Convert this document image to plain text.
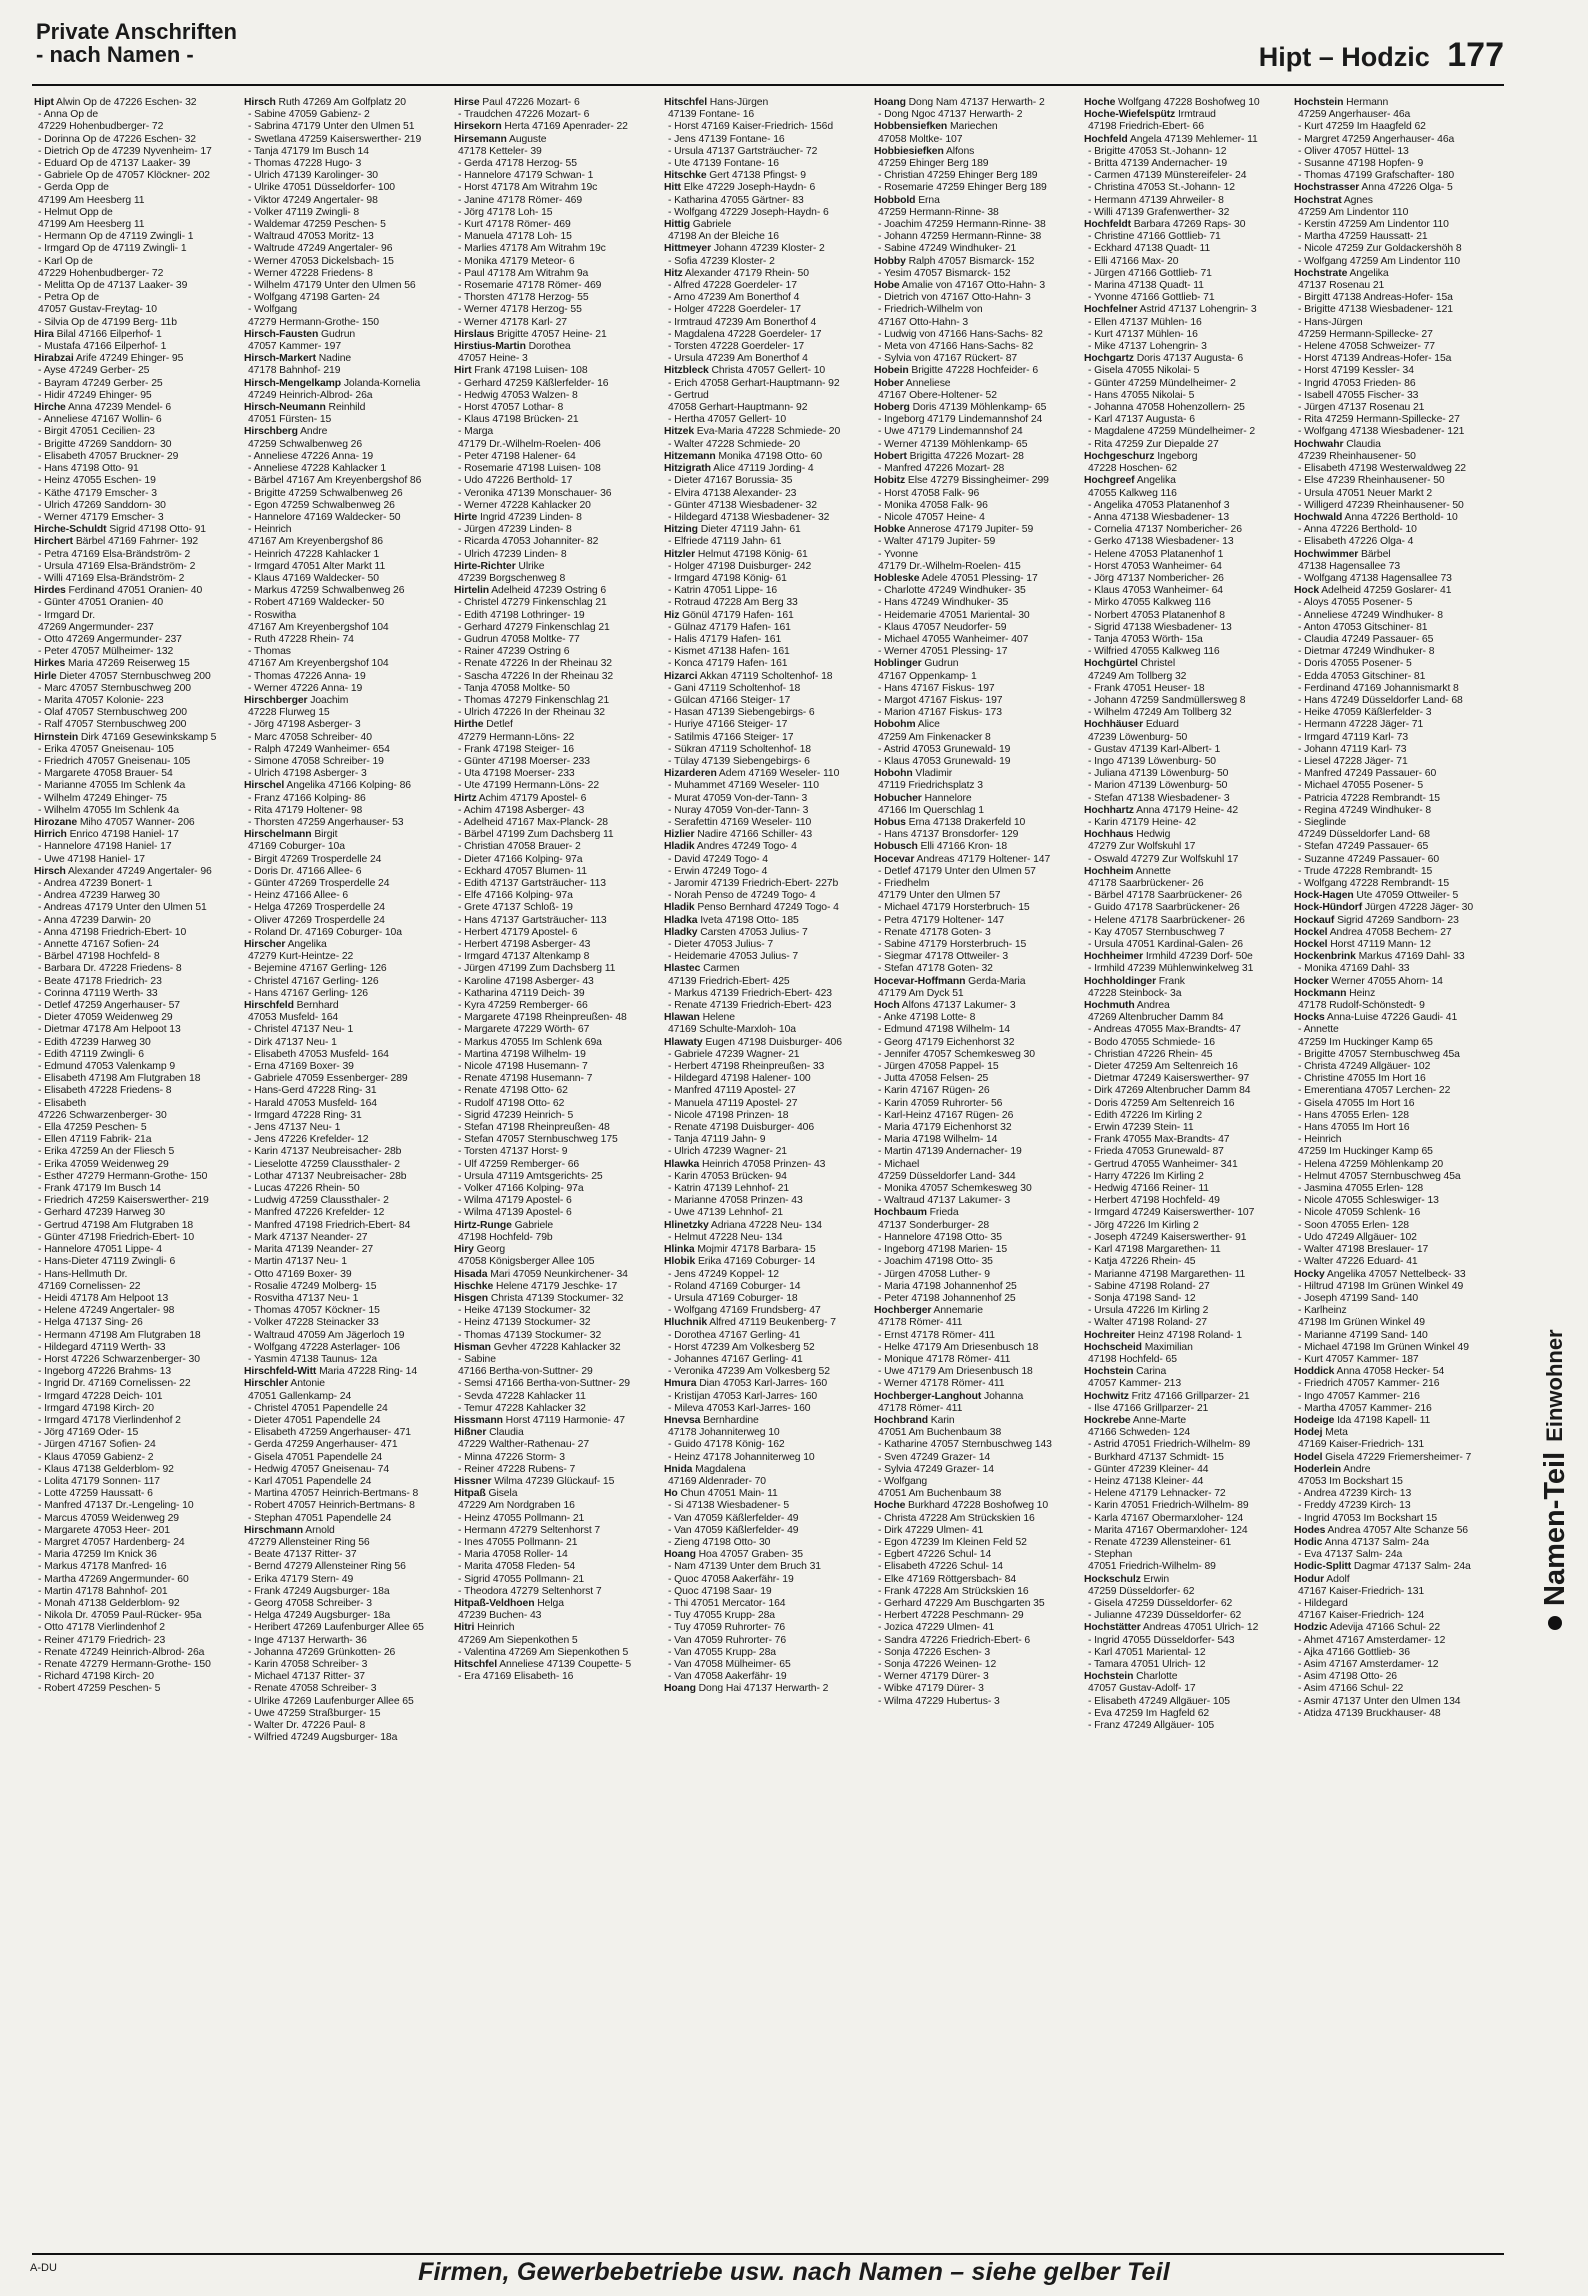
Private Anschriften
- nach Namen -	Hipt – Hodzic 177
Hipt Alwin Op de 47226 Eschen- 32
- Anna Op de
47229 Hohenbudberger- 72
- Dorinna Op de 47226 Eschen- 32
- Dietrich Op de 47239 Nyvenheim- 17
- Eduard Op de 47137 Laaker- 39
- Gabriele Op de 47057 Klöckner- 202
- Gerda Opp de
47199 Am Heesberg 11
- Helmut Opp de
47199 Am Heesberg 11
- Hermann Op de 47119 Zwingli- 1
- Irmgard Op de 47119 Zwingli- 1
- Karl Op de
47229 Hohenbudberger- 72
- Melitta Op de 47137 Laaker- 39
- Petra Op de
47057 Gustav-Freytag- 10
- Silvia Op de 47199 Berg- 11b
Hira Bilal 47166 Eilperhof- 1
- Mustafa 47166 Eilperhof- 1
Hirabzai Arife 47249 Ehinger- 95
- Ayse 47249 Gerber- 25
- Bayram 47249 Gerber- 25
- Hidir 47249 Ehinger- 95
Hirche Anna 47239 Mendel- 6
- Anneliese 47167 Wollin- 6
- Birgit 47051 Cecilien- 23
- Brigitte 47269 Sanddorn- 30
- Elisabeth 47057 Bruckner- 29
- Hans 47198 Otto- 91
- Heinz 47055 Eschen- 19
- Käthe 47179 Emscher- 3
- Ulrich 47269 Sanddorn- 30
- Werner 47179 Emscher- 3
Hirche-Schuldt Sigrid 47198 Otto- 91
Hirchert Bärbel 47169 Fahrner- 192
- Petra 47169 Elsa-Brändström- 2
- Ursula 47169 Elsa-Brändström- 2
- Willi 47169 Elsa-Brändström- 2
Hirdes Ferdinand 47051 Oranien- 40
- Günter 47051 Oranien- 40
- Irmgard Dr.
47269 Angermunder- 237
- Otto 47269 Angermunder- 237
- Peter 47057 Mülheimer- 132
Hirkes Maria 47269 Reiserweg 15
Hirle Dieter 47057 Sternbuschweg 200
- Marc 47057 Sternbuschweg 200
- Marita 47057 Kolonie- 223
- Olaf 47057 Sternbuschweg 200
- Ralf 47057 Sternbuschweg 200
Hirnstein Dirk 47169 Gesewinkskamp 5
- Erika 47057 Gneisenau- 105
- Friedrich 47057 Gneisenau- 105
- Margarete 47058 Brauer- 54
- Marianne 47055 Im Schlenk 4a
- Wilhelm 47249 Ehinger- 75
- Wilhelm 47055 Im Schlenk 4a
Hirozane Miho 47057 Wanner- 206
Hirrich Enrico 47198 Haniel- 17
- Hannelore 47198 Haniel- 17
- Uwe 47198 Haniel- 17
Hirsch Alexander 47249 Angertaler- 96
- Andrea 47239 Bonert- 1
- Andrea 47239 Harweg 30
- Andreas 47179 Unter den Ulmen 51
- Anna 47239 Darwin- 20
- Anna 47198 Friedrich-Ebert- 10
- Annette 47167 Sofien- 24
- Bärbel 47198 Hochfeld- 8
- Barbara Dr. 47228 Friedens- 8
- Beate 47178 Friedrich- 23
- Corinna 47119 Werth- 33
- Detlef 47259 Angerhauser- 57
- Dieter 47059 Weidenweg 29
- Dietmar 47178 Am Helpoot 13
- Edith 47239 Harweg 30
- Edith 47119 Zwingli- 6
- Edmund 47053 Valenkamp 9
- Elisabeth 47198 Am Flutgraben 18
- Elisabeth 47228 Friedens- 8
- Elisabeth
47226 Schwarzenberger- 30
- Ella 47259 Peschen- 5
- Ellen 47119 Fabrik- 21a
- Erika 47259 An der Fliesch 5
- Erika 47059 Weidenweg 29
- Esther 47279 Hermann-Grothe- 150
- Frank 47179 Im Busch 14
- Friedrich 47259 Kaiserswerther- 219
- Gerhard 47239 Harweg 30
- Gertrud 47198 Am Flutgraben 18
- Günter 47198 Friedrich-Ebert- 10
- Hannelore 47051 Lippe- 4
- Hans-Dieter 47119 Zwingli- 6
- Hans-Hellmuth Dr.
47169 Cornelissen- 22
- Heidi 47178 Am Helpoot 13
- Helene 47249 Angertaler- 98
- Helga 47137 Sing- 26
- Hermann 47198 Am Flutgraben 18
- Hildegard 47119 Werth- 33
- Horst 47226 Schwarzenberger- 30
- Ingeborg 47226 Brahms- 13
- Ingrid Dr. 47169 Cornelissen- 22
- Irmgard 47228 Deich- 101
- Irmgard 47198 Kirch- 20
- Irmgard 47178 Vierlindenhof 2
- Jörg 47169 Oder- 15
- Jürgen 47167 Sofien- 24
- Klaus 47059 Gabienz- 2
- Klaus 47138 Gelderblom- 92
- Lolita 47179 Sonnen- 117
- Lotte 47259 Haussatt- 6
- Manfred 47137 Dr.-Lengeling- 10
- Marcus 47059 Weidenweg 29
- Margarete 47053 Heer- 201
- Margret 47057 Hardenberg- 24
- Maria 47259 Im Knick 36
- Markus 47178 Manfred- 16
- Martha 47269 Angermunder- 60
- Martin 47178 Bahnhof- 201
- Monah 47138 Gelderblom- 92
- Nikola Dr. 47059 Paul-Rücker- 95a
- Otto 47178 Vierlindenhof 2
- Reiner 47179 Friedrich- 23
- Renate 47249 Heinrich-Albrod- 26a
- Renate 47279 Hermann-Grothe- 150
- Richard 47198 Kirch- 20
- Robert 47259 Peschen- 5
Hirsch Ruth 47269 Am Golfplatz 20
- Sabine 47059 Gabienz- 2
- Sabrina 47179 Unter den Ulmen 51
- Swetlana 47259 Kaiserswerther- 219
- Tanja 47179 Im Busch 14
- Thomas 47228 Hugo- 3
- Ulrich 47139 Karolinger- 30
- Ulrike 47051 Düsseldorfer- 100
- Viktor 47249 Angertaler- 98
- Volker 47119 Zwingli- 8
- Waldemar 47259 Peschen- 5
- Waltraud 47053 Moritz- 13
- Waltrude 47249 Angertaler- 96
- Werner 47053 Dickelsbach- 15
- Werner 47228 Friedens- 8
- Wilhelm 47179 Unter den Ulmen 56
- Wolfgang 47198 Garten- 24
- Wolfgang
47279 Hermann-Grothe- 150
Hirsch-Fausten Gudrun
47057 Kammer- 197
Hirsch-Markert Nadine
47178 Bahnhof- 219
Hirsch-Mengelkamp Jolanda-Kornelia
47249 Heinrich-Albrod- 26a
Hirsch-Neumann Reinhild
47051 Fürsten- 15
Hirschberg Andre
47259 Schwalbenweg 26
- Anneliese 47226 Anna- 19
- Anneliese 47228 Kahlacker 1
- Bärbel 47167 Am Kreyenbergshof 86
- Brigitte 47259 Schwalbenweg 26
- Egon 47259 Schwalbenweg 26
- Hannelore 47169 Waldecker- 50
- Heinrich
47167 Am Kreyenbergshof 86
- Heinrich 47228 Kahlacker 1
- Irmgard 47051 Alter Markt 11
- Klaus 47169 Waldecker- 50
- Markus 47259 Schwalbenweg 26
- Robert 47169 Waldecker- 50
- Roswitha
47167 Am Kreyenbergshof 104
- Ruth 47228 Rhein- 74
- Thomas
47167 Am Kreyenbergshof 104
- Thomas 47226 Anna- 19
- Werner 47226 Anna- 19
Hirschberger Joachim
47228 Flurweg 15
- Jörg 47198 Asberger- 3
- Marc 47058 Schreiber- 40
- Ralph 47249 Wanheimer- 654
- Simone 47058 Schreiber- 19
- Ulrich 47198 Asberger- 3
Hirschel Angelika 47166 Kolping- 86
- Franz 47166 Kolping- 86
- Rita 47179 Holtener- 98
- Thorsten 47259 Angerhauser- 53
Hirschelmann Birgit
47169 Coburger- 10a
- Birgit 47269 Trosperdelle 24
- Doris Dr. 47166 Allee- 6
- Günter 47269 Trosperdelle 24
- Heinz 47166 Allee- 6
- Helga 47269 Trosperdelle 24
- Oliver 47269 Trosperdelle 24
- Roland Dr. 47169 Coburger- 10a
Hirscher Angelika
47279 Kurt-Heintze- 22
- Bejemine 47167 Gerling- 126
- Christel 47167 Gerling- 126
- Hans 47167 Gerling- 126
Hirschfeld Bernhard
47053 Musfeld- 164
- Christel 47137 Neu- 1
- Dirk 47137 Neu- 1
- Elisabeth 47053 Musfeld- 164
- Erna 47169 Boxer- 39
- Gabriele 47059 Essenberger- 289
- Hans-Gerd 47228 Ring- 31
- Harald 47053 Musfeld- 164
- Irmgard 47228 Ring- 31
- Jens 47137 Neu- 1
- Jens 47226 Krefelder- 12
- Karin 47137 Neubreisacher- 28b
- Lieselotte 47259 Claussthaler- 2
- Lothar 47137 Neubreisacher- 28b
- Lucas 47226 Rhein- 50
- Ludwig 47259 Claussthaler- 2
- Manfred 47226 Krefelder- 12
- Manfred 47198 Friedrich-Ebert- 84
- Mark 47137 Neander- 27
- Marita 47139 Neander- 27
- Martin 47137 Neu- 1
- Otto 47169 Boxer- 39
- Rosalie 47249 Molberg- 15
- Rosvitha 47137 Neu- 1
- Thomas 47057 Köckner- 15
- Volker 47228 Steinacker 33
- Waltraud 47059 Am Jägerloch 19
- Wolfgang 47228 Asterlager- 106
- Yasmin 47138 Taunus- 12a
Hirschfeld-Witt Maria 47228 Ring- 14
Hirschler Antonie
47051 Gallenkamp- 24
- Christel 47051 Papendelle 24
- Dieter 47051 Papendelle 24
- Elisabeth 47259 Angerhauser- 471
- Gerda 47259 Angerhauser- 471
- Gisela 47051 Papendelle 24
- Hedwig 47057 Gneisenau- 74
- Karl 47051 Papendelle 24
- Martina 47057 Heinrich-Bertmans- 8
- Robert 47057 Heinrich-Bertmans- 8
- Stephan 47051 Papendelle 24
Hirschmann Arnold
47279 Allensteiner Ring 56
- Beate 47137 Ritter- 37
- Bernd 47279 Allensteiner Ring 56
- Erika 47179 Stern- 49
- Frank 47249 Augsburger- 18a
- Georg 47058 Schreiber- 3
- Helga 47249 Augsburger- 18a
- Heribert 47269 Laufenburger Allee 65
- Inge 47137 Herwarth- 36
- Johanna 47269 Grünkotten- 26
- Karin 47058 Schreiber- 3
- Michael 47137 Ritter- 37
- Renate 47058 Schreiber- 3
- Ulrike 47269 Laufenburger Allee 65
- Uwe 47259 Straßburger- 15
- Walter Dr. 47226 Paul- 8
- Wilfried 47249 Augsburger- 18a
Hirse Paul 47226 Mozart- 6
- Traudchen 47226 Mozart- 6
Hirsekorn Herta 47169 Apenrader- 22
Hirsemann Auguste
47178 Ketteler- 39
- Gerda 47178 Herzog- 55
- Hannelore 47179 Schwan- 1
- Horst 47178 Am Witrahm 19c
- Janine 47178 Römer- 469
- Jörg 47178 Loh- 15
- Kurt 47178 Römer- 469
- Manuela 47178 Loh- 15
- Marlies 47178 Am Witrahm 19c
- Monika 47179 Meteor- 6
- Paul 47178 Am Witrahm 9a
- Rosemarie 47178 Römer- 469
- Thorsten 47178 Herzog- 55
- Werner 47178 Herzog- 55
- Werner 47178 Karl- 27
Hirslaus Brigitte 47057 Heine- 21
Hirstius-Martin Dorothea
47057 Heine- 3
Hirt Frank 47198 Luisen- 108
- Gerhard 47259 Käßlerfelder- 16
- Hedwig 47053 Walzen- 8
- Horst 47057 Lothar- 8
- Klaus 47198 Brücken- 21
- Marga
47179 Dr.-Wilhelm-Roelen- 406
- Peter 47198 Halener- 64
- Rosemarie 47198 Luisen- 108
- Udo 47226 Berthold- 17
- Veronika 47139 Monschauer- 36
- Werner 47228 Kahlacker 20
Hirte Ingrid 47239 Linden- 8
- Jürgen 47239 Linden- 8
- Ricarda 47053 Johanniter- 82
- Ulrich 47239 Linden- 8
Hirte-Richter Ulrike
47239 Borgschenweg 8
Hirtelin Adelheid 47239 Ostring 6
- Christel 47279 Finkenschlag 21
- Edith 47198 Lothringer- 19
- Gerhard 47279 Finkenschlag 21
- Gudrun 47058 Moltke- 77
- Rainer 47239 Ostring 6
- Renate 47226 In der Rheinau 32
- Sascha 47226 In der Rheinau 32
- Tanja 47058 Moltke- 50
- Thomas 47279 Finkenschlag 21
- Ulrich 47226 In der Rheinau 32
Hirthe Detlef
47279 Hermann-Löns- 22
- Frank 47198 Steiger- 16
- Günter 47198 Moerser- 233
- Uta 47198 Moerser- 233
- Ute 47199 Hermann-Löns- 22
Hirtz Achim 47179 Apostel- 6
- Achim 47198 Asberger- 43
- Adelheid 47167 Max-Planck- 28
- Bärbel 47199 Zum Dachsberg 11
- Christian 47058 Brauer- 2
- Dieter 47166 Kolping- 97a
- Eckhard 47057 Blumen- 11
- Edith 47137 Gartsträucher- 113
- Elfe 47166 Kolping- 97a
- Grete 47137 Schloß- 19
- Hans 47137 Gartsträucher- 113
- Herbert 47179 Apostel- 6
- Herbert 47198 Asberger- 43
- Irmgard 47137 Altenkamp 8
- Jürgen 47199 Zum Dachsberg 11
- Karoline 47198 Asberger- 43
- Katharina 47119 Deich- 39
- Kyra 47259 Remberger- 66
- Margarete 47198 Rheinpreußen- 48
- Margarete 47229 Wörth- 67
- Markus 47055 Im Schlenk 69a
- Martina 47198 Wilhelm- 19
- Nicole 47198 Husemann- 7
- Renate 47198 Husemann- 7
- Renate 47198 Otto- 62
- Rudolf 47198 Otto- 62
- Sigrid 47239 Heinrich- 5
- Stefan 47198 Rheinpreußen- 48
- Stefan 47057 Sternbuschweg 175
- Torsten 47137 Horst- 9
- Ulf 47259 Remberger- 66
- Ursula 47119 Amtsgerichts- 25
- Volker 47166 Kolping- 97a
- Wilma 47179 Apostel- 6
- Wilma 47139 Apostel- 6
Hirtz-Runge Gabriele
47198 Hochfeld- 79b
Hiry Georg
47058 Königsberger Allee 105
Hisada Mari 47059 Neunkirchener- 34
Hischke Helene 47179 Jeschke- 17
Hisgen Christa 47139 Stockumer- 32
- Heike 47139 Stockumer- 32
- Heinz 47139 Stockumer- 32
- Thomas 47139 Stockumer- 32
Hisman Gevher 47228 Kahlacker 32
- Sabine
47166 Bertha-von-Suttner- 29
- Semsi 47166 Bertha-von-Suttner- 29
- Sevda 47228 Kahlacker 11
- Temur 47228 Kahlacker 32
Hissmann Horst 47119 Harmonie- 47
Hißner Claudia
47229 Walther-Rathenau- 27
- Minna 47226 Storm- 3
- Reiner 47228 Rubens- 7
Hissner Wilma 47239 Glückauf- 15
Hitpaß Gisela
47229 Am Nordgraben 16
- Heinz 47055 Pollmann- 21
- Hermann 47279 Seltenhorst 7
- Ines 47055 Pollmann- 21
- Maria 47058 Roller- 14
- Marita 47058 Fleden- 54
- Sigrid 47055 Pollmann- 21
- Theodora 47279 Seltenhorst 7
Hitpaß-Veldhoen Helga
47239 Buchen- 43
Hitri Heinrich
47269 Am Siepenkothen 5
- Valentina 47269 Am Siepenkothen 5
Hitschfel Anneliese 47139 Coupette- 5
- Era 47169 Elisabeth- 16
Hitschfel Hans-Jürgen
47139 Fontane- 16
- Horst 47169 Kaiser-Friedrich- 156d
- Jens 47139 Fontane- 16
- Ursula 47137 Gartsträucher- 72
- Ute 47139 Fontane- 16
Hitschke Gert 47138 Pfingst- 9
Hitt Elke 47229 Joseph-Haydn- 6
- Katharina 47055 Gärtner- 83
- Wolfgang 47229 Joseph-Haydn- 6
Hittig Gabriele
47198 An der Bleiche 16
Hittmeyer Johann 47239 Kloster- 2
- Sofia 47239 Kloster- 2
Hitz Alexander 47179 Rhein- 50
- Alfred 47228 Goerdeler- 17
- Arno 47239 Am Bonerthof 4
- Holger 47228 Goerdeler- 17
- Irmtraud 47239 Am Bonerthof 4
- Magdalena 47228 Goerdeler- 17
- Torsten 47228 Goerdeler- 17
- Ursula 47239 Am Bonerthof 4
Hitzbleck Christa 47057 Gellert- 10
- Erich 47058 Gerhart-Hauptmann- 92
- Gertrud
47058 Gerhart-Hauptmann- 92
- Hertha 47057 Gellert- 10
Hitzek Eva-Maria 47228 Schmiede- 20
- Walter 47228 Schmiede- 20
Hitzemann Monika 47198 Otto- 60
Hitzigrath Alice 47119 Jording- 4
- Dieter 47167 Borussia- 35
- Elvira 47138 Alexander- 23
- Günter 47138 Wiesbadener- 32
- Hildegard 47138 Wiesbadener- 32
Hitzing Dieter 47119 Jahn- 61
- Elfriede 47119 Jahn- 61
Hitzler Helmut 47198 König- 61
- Holger 47198 Duisburger- 242
- Irmgard 47198 König- 61
- Katrin 47051 Lippe- 16
- Rotraud 47228 Am Berg 33
Hiz Gönül 47179 Hafen- 161
- Gülnaz 47179 Hafen- 161
- Halis 47179 Hafen- 161
- Kismet 47138 Hafen- 161
- Konca 47179 Hafen- 161
Hizarci Akkan 47119 Scholtenhof- 18
- Gani 47119 Scholtenhof- 18
- Gülcan 47166 Steiger- 17
- Hasan 47139 Siebengebirgs- 6
- Huriye 47166 Steiger- 17
- Satilmis 47166 Steiger- 17
- Sükran 47119 Scholtenhof- 18
- Tülay 47139 Siebengebirgs- 6
Hizarderen Adem 47169 Weseler- 110
- Muhammet 47169 Weseler- 110
- Murat 47059 Von-der-Tann- 3
- Nuray 47059 Von-der-Tann- 3
- Serafettin 47169 Weseler- 110
Hizlier Nadire 47166 Schiller- 43
Hladik Andres 47249 Togo- 4
- David 47249 Togo- 4
- Erwin 47249 Togo- 4
- Jaromir 47139 Friedrich-Ebert- 227b
- Norah Penso de 47249 Togo- 4
Hladik Penso Bernhard 47249 Togo- 4
Hladka Iveta 47198 Otto- 185
Hladky Carsten 47053 Julius- 7
- Dieter 47053 Julius- 7
- Heidemarie 47053 Julius- 7
Hlastec Carmen
47139 Friedrich-Ebert- 425
- Markus 47139 Friedrich-Ebert- 423
- Renate 47139 Friedrich-Ebert- 423
Hlawan Helene
47169 Schulte-Marxloh- 10a
Hlawaty Eugen 47198 Duisburger- 406
- Gabriele 47239 Wagner- 21
- Herbert 47198 Rheinpreußen- 33
- Hildegard 47198 Halener- 100
- Manfred 47119 Apostel- 27
- Manuela 47119 Apostel- 27
- Nicole 47198 Prinzen- 18
- Renate 47198 Duisburger- 406
- Tanja 47119 Jahn- 9
- Ulrich 47239 Wagner- 21
Hlawka Heinrich 47058 Prinzen- 43
- Karin 47053 Brücken- 94
- Katrin 47139 Lehnhof- 21
- Marianne 47058 Prinzen- 43
- Uwe 47139 Lehnhof- 21
Hlinetzky Adriana 47228 Neu- 134
- Helmut 47228 Neu- 134
Hlinka Mojmir 47178 Barbara- 15
Hlobik Erika 47169 Coburger- 14
- Jens 47249 Koppel- 12
- Roland 47169 Coburger- 14
- Ursula 47169 Coburger- 18
- Wolfgang 47169 Frundsberg- 47
Hluchnik Alfred 47119 Beukenberg- 7
- Dorothea 47167 Gerling- 41
- Horst 47239 Am Volkesberg 52
- Johannes 47167 Gerling- 41
- Veronika 47239 Am Volkesberg 52
Hmura Dian 47053 Karl-Jarres- 160
- Kristijan 47053 Karl-Jarres- 160
- Mileva 47053 Karl-Jarres- 160
Hnevsa Bernhardine
47178 Johanniterweg 10
- Guido 47178 König- 162
- Heinz 47178 Johanniterweg 10
Hnida Magdalena
47169 Aldenrader- 70
Ho Chun 47051 Main- 11
- Si 47138 Wiesbadener- 5
- Van 47059 Käßlerfelder- 49
- Van 47059 Käßlerfelder- 49
- Zieng 47198 Otto- 30
Hoang Hoa 47057 Graben- 35
- Nam 47139 Unter dem Bruch 31
- Quoc 47058 Aakerfähr- 19
- Quoc 47198 Saar- 19
- Thi 47051 Mercator- 164
- Tuy 47055 Krupp- 28a
- Tuy 47059 Ruhrorter- 76
- Van 47059 Ruhrorter- 76
- Van 47055 Krupp- 28a
- Van 47058 Mülheimer- 65
- Van 47058 Aakerfähr- 19
Hoang Dong Hai 47137 Herwarth- 2
Hoang Dong Nam 47137 Herwarth- 2
- Dong Ngoc 47137 Herwarth- 2
Hobbensiefken Mariechen
47058 Moltke- 107
Hobbiesiefken Alfons
47259 Ehinger Berg 189
- Christian 47259 Ehinger Berg 189
- Rosemarie 47259 Ehinger Berg 189
Hobbold Erna
47259 Hermann-Rinne- 38
- Joachim 47259 Hermann-Rinne- 38
- Johann 47259 Hermann-Rinne- 38
- Sabine 47249 Windhuker- 21
Hobby Ralph 47057 Bismarck- 152
- Yesim 47057 Bismarck- 152
Hobe Amalie von 47167 Otto-Hahn- 3
- Dietrich von 47167 Otto-Hahn- 3
- Friedrich-Wilhelm von
47167 Otto-Hahn- 3
- Ludwig von 47166 Hans-Sachs- 82
- Meta von 47166 Hans-Sachs- 82
- Sylvia von 47167 Rückert- 87
Hobein Brigitte 47228 Hochfeider- 6
Hober Anneliese
47167 Obere-Holtener- 52
Hoberg Doris 47139 Möhlenkamp- 65
- Ingeborg 47179 Lindemannshof 24
- Uwe 47179 Lindemannshof 24
- Werner 47139 Möhlenkamp- 65
Hobert Brigitta 47226 Mozart- 28
- Manfred 47226 Mozart- 28
Hobitz Else 47279 Bissingheimer- 299
- Horst 47058 Falk- 96
- Monika 47058 Falk- 96
- Nicole 47057 Heine- 4
Hobke Annerose 47179 Jupiter- 59
- Walter 47179 Jupiter- 59
- Yvonne
47179 Dr.-Wilhelm-Roelen- 415
Hobleske Adele 47051 Plessing- 17
- Charlotte 47249 Windhuker- 35
- Hans 47249 Windhuker- 35
- Heidemarie 47051 Mariental- 30
- Klaus 47057 Neudorfer- 59
- Michael 47055 Wanheimer- 407
- Werner 47051 Plessing- 17
Hoblinger Gudrun
47167 Oppenkamp- 1
- Hans 47167 Fiskus- 197
- Margot 47167 Fiskus- 197
- Marion 47167 Fiskus- 173
Hobohm Alice
47259 Am Finkenacker 8
- Astrid 47053 Grunewald- 19
- Klaus 47053 Grunewald- 19
Hobohn Vladimir
47119 Friedrichsplatz 3
Hobucher Hannelore
47166 Im Querschlag 1
Hobus Erna 47138 Drakerfeld 10
- Hans 47137 Bronsdorfer- 129
Hobusch Elli 47166 Kron- 18
Hocevar Andreas 47179 Holtener- 147
- Detlef 47179 Unter den Ulmen 57
- Friedhelm
47179 Unter den Ulmen 57
- Michael 47179 Horsterbruch- 15
- Petra 47179 Holtener- 147
- Renate 47178 Goten- 3
- Sabine 47179 Horsterbruch- 15
- Siegmar 47178 Ottweiler- 3
- Stefan 47178 Goten- 32
Hocevar-Hoffmann Gerda-Maria
47179 Am Dyck 51
Hoch Alfons 47137 Lakumer- 3
- Anke 47198 Lotte- 8
- Edmund 47198 Wilhelm- 14
- Georg 47179 Eichenhorst 32
- Jennifer 47057 Schemkesweg 30
- Jürgen 47058 Pappel- 15
- Jutta 47058 Felsen- 25
- Karin 47167 Rügen- 26
- Karin 47059 Ruhrorter- 56
- Karl-Heinz 47167 Rügen- 26
- Maria 47179 Eichenhorst 32
- Maria 47198 Wilhelm- 14
- Martin 47139 Andernacher- 19
- Michael
47259 Düsseldorfer Land- 344
- Monika 47057 Schemkesweg 30
- Waltraud 47137 Lakumer- 3
Hochbaum Frieda
47137 Sonderburger- 28
- Hannelore 47198 Otto- 35
- Ingeborg 47198 Marien- 15
- Joachim 47198 Otto- 35
- Jürgen 47058 Luther- 9
- Maria 47198 Johannenhof 25
- Peter 47198 Johannenhof 25
Hochberger Annemarie
47178 Römer- 411
- Ernst 47178 Römer- 411
- Helke 47179 Am Driesenbusch 18
- Monique 47178 Römer- 411
- Uwe 47179 Am Driesenbusch 18
- Werner 47178 Römer- 411
Hochberger-Langhout Johanna
47178 Römer- 411
Hochbrand Karin
47051 Am Buchenbaum 38
- Katharine 47057 Sternbuschweg 143
- Sven 47249 Grazer- 14
- Sylvia 47249 Grazer- 14
- Wolfgang
47051 Am Buchenbaum 38
Hoche Burkhard 47228 Boshofweg 10
- Christa 47228 Am Strückskien 16
- Dirk 47229 Ulmen- 41
- Egon 47239 Im Kleinen Feld 52
- Egbert 47226 Schul- 14
- Elisabeth 47226 Schul- 14
- Elke 47169 Röttgersbach- 84
- Frank 47228 Am Strückskien 16
- Gerhard 47229 Am Buschgarten 35
- Herbert 47228 Peschmann- 29
- Jozica 47229 Ulmen- 41
- Sandra 47226 Friedrich-Ebert- 6
- Sonja 47226 Eschen- 3
- Sonja 47226 Weinen- 12
- Werner 47179 Dürer- 3
- Wibke 47179 Dürer- 3
- Wilma 47229 Hubertus- 3
Hoche Wolfgang 47228 Boshofweg 10
Hoche-Wiefelspütz Irmtraud
47198 Friedrich-Ebert- 66
Hochfeld Angela 47139 Mehlemer- 11
- Brigitte 47053 St.-Johann- 12
- Britta 47139 Andernacher- 19
- Carmen 47139 Münstereifeler- 24
- Christina 47053 St.-Johann- 12
- Hermann 47139 Ahrweiler- 8
- Willi 47139 Grafenwerther- 32
Hochfeldt Barbara 47269 Raps- 30
- Christine 47166 Gottlieb- 71
- Eckhard 47138 Quadt- 11
- Elli 47166 Max- 20
- Jürgen 47166 Gottlieb- 71
- Marina 47138 Quadt- 11
- Yvonne 47166 Gottlieb- 71
Hochfelner Astrid 47137 Lohengrin- 3
- Ellen 47137 Mühlen- 16
- Kurt 47137 Mühlen- 16
- Mike 47137 Lohengrin- 3
Hochgartz Doris 47137 Augusta- 6
- Gisela 47055 Nikolai- 5
- Günter 47259 Mündelheimer- 2
- Hans 47055 Nikolai- 5
- Johanna 47058 Hohenzollern- 25
- Karl 47137 Augusta- 6
- Magdalene 47259 Mündelheimer- 2
- Rita 47259 Zur Diepalde 27
Hochgeschurz Ingeborg
47228 Hoschen- 62
Hochgreef Angelika
47055 Kalkweg 116
- Angelika 47053 Platanenhof 3
- Anna 47138 Wiesbadener- 13
- Cornelia 47137 Nombericher- 26
- Gerko 47138 Wiesbadener- 13
- Helene 47053 Platanenhof 1
- Horst 47053 Wanheimer- 64
- Jörg 47137 Nombericher- 26
- Klaus 47053 Wanheimer- 64
- Mirko 47055 Kalkweg 116
- Norbert 47053 Platanenhof 8
- Sigrid 47138 Wiesbadener- 13
- Tanja 47053 Wörth- 15a
- Wilfried 47055 Kalkweg 116
Hochgürtel Christel
47249 Am Tollberg 32
- Frank 47051 Heuser- 18
- Johann 47259 Sandmüllersweg 8
- Wilhelm 47249 Am Tollberg 32
Hochhäuser Eduard
47239 Löwenburg- 50
- Gustav 47139 Karl-Albert- 1
- Ingo 47139 Löwenburg- 50
- Juliana 47139 Löwenburg- 50
- Marion 47139 Löwenburg- 50
- Stefan 47138 Wiesbadener- 3
Hochhartz Anna 47179 Heine- 42
- Karin 47179 Heine- 42
Hochhaus Hedwig
47279 Zur Wolfskuhl 17
- Oswald 47279 Zur Wolfskuhl 17
Hochheim Annette
47178 Saarbrückener- 26
- Bärbel 47178 Saarbrückener- 26
- Guido 47178 Saarbrückener- 26
- Helene 47178 Saarbrückener- 26
- Kay 47057 Sternbuschweg 7
- Ursula 47051 Kardinal-Galen- 26
Hochheimer Irmhild 47239 Dorf- 50e
- Irmhild 47239 Mühlenwinkelweg 31
Hochholdinger Frank
47228 Steinbock- 3a
Hochmuth Andrea
47269 Altenbrucher Damm 84
- Andreas 47055 Max-Brandts- 47
- Bodo 47055 Schmiede- 16
- Christian 47226 Rhein- 45
- Dieter 47259 Am Seltenreich 16
- Dietmar 47249 Kaiserswerther- 97
- Dirk 47269 Altenbrucher Damm 84
- Doris 47259 Am Seltenreich 16
- Edith 47226 Im Kirling 2
- Erwin 47239 Stein- 11
- Frank 47055 Max-Brandts- 47
- Frieda 47053 Grunewald- 87
- Gertrud 47055 Wanheimer- 341
- Harry 47226 Im Kirling 2
- Hedwig 47166 Reiner- 11
- Herbert 47198 Hochfeld- 49
- Irmgard 47249 Kaiserswerther- 107
- Jörg 47226 Im Kirling 2
- Joseph 47249 Kaiserswerther- 91
- Karl 47198 Margarethen- 11
- Katja 47226 Rhein- 45
- Marianne 47198 Margarethen- 11
- Sabine 47198 Roland- 27
- Sonja 47198 Sand- 12
- Ursula 47226 Im Kirling 2
- Walter 47198 Roland- 27
Hochreiter Heinz 47198 Roland- 1
Hochscheid Maximilian
47198 Hochfeld- 65
Hochstein Carina
47057 Kammer- 213
Hochwitz Fritz 47166 Grillparzer- 21
- Ilse 47166 Grillparzer- 21
Hockrebe Anne-Marte
47166 Schweden- 124
- Astrid 47051 Friedrich-Wilhelm- 89
- Burkhard 47137 Schmidt- 15
- Günter 47239 Kleiner- 44
- Heinz 47138 Kleiner- 44
- Helene 47179 Lehnacker- 72
- Karin 47051 Friedrich-Wilhelm- 89
- Karla 47167 Obermarxloher- 124
- Marita 47167 Obermarxloher- 124
- Renate 47239 Allensteiner- 61
- Stephan
47051 Friedrich-Wilhelm- 89
Hockschulz Erwin
47259 Düsseldorfer- 62
- Gisela 47259 Düsseldorfer- 62
- Julianne 47239 Düsseldorfer- 62
Hochstätter Andreas 47051 Ulrich- 12
- Ingrid 47055 Düsseldorfer- 543
- Karl 47051 Mariental- 12
- Tamara 47051 Ulrich- 12
Hochstein Charlotte
47057 Gustav-Adolf- 17
- Elisabeth 47249 Allgäuer- 105
- Eva 47259 Im Hagfeld 62
- Franz 47249 Allgäuer- 105
Hochstein Hermann
47259 Angerhauser- 46a
- Kurt 47259 Im Haagfeld 62
- Margret 47259 Angerhauser- 46a
- Oliver 47057 Hüttel- 13
- Susanne 47198 Hopfen- 9
- Thomas 47199 Grafschafter- 180
Hochstrasser Anna 47226 Olga- 5
Hochstrat Agnes
47259 Am Lindentor 110
- Kerstin 47259 Am Lindentor 110
- Martha 47259 Haussatt- 21
- Nicole 47259 Zur Goldackershöh 8
- Wolfgang 47259 Am Lindentor 110
Hochstrate Angelika
47137 Rosenau 21
- Birgitt 47138 Andreas-Hofer- 15a
- Brigitte 47138 Wiesbadener- 121
- Hans-Jürgen
47259 Hermann-Spillecke- 27
- Helene 47058 Schweizer- 77
- Horst 47139 Andreas-Hofer- 15a
- Horst 47199 Kessler- 34
- Ingrid 47053 Frieden- 86
- Isabell 47055 Fischer- 33
- Jürgen 47137 Rosenau 21
- Rita 47259 Hermann-Spillecke- 27
- Wolfgang 47138 Wiesbadener- 121
Hochwahr Claudia
47239 Rheinhausener- 50
- Elisabeth 47198 Westerwaldweg 22
- Else 47239 Rheinhausener- 50
- Ursula 47051 Neuer Markt 2
- Willigerd 47239 Rheinhausener- 50
Hochwald Anna 47226 Berthold- 10
- Anna 47226 Berthold- 10
- Elisabeth 47226 Olga- 4
Hochwimmer Bärbel
47138 Hagensallee 73
- Wolfgang 47138 Hagensallee 73
Hock Adelheid 47259 Goslarer- 41
- Aloys 47055 Posener- 5
- Anneliese 47249 Windhuker- 8
- Anton 47053 Gitschiner- 81
- Claudia 47249 Passauer- 65
- Dietmar 47249 Windhuker- 8
- Doris 47055 Posener- 5
- Edda 47053 Gitschiner- 81
- Ferdinand 47169 Johannismarkt 8
- Hans 47249 Düsseldorfer Land- 68
- Heike 47059 Käßlerfelder- 3
- Hermann 47228 Jäger- 71
- Irmgard 47119 Karl- 73
- Johann 47119 Karl- 73
- Liesel 47228 Jäger- 71
- Manfred 47249 Passauer- 60
- Michael 47055 Posener- 5
- Patricia 47228 Rembrandt- 15
- Regina 47249 Windhuker- 8
- Sieglinde
47249 Düsseldorfer Land- 68
- Stefan 47249 Passauer- 65
- Suzanne 47249 Passauer- 60
- Trude 47228 Rembrandt- 15
- Wolfgang 47228 Rembrandt- 15
Hock-Hagen Ute 47059 Ottweiler- 5
Hock-Hündorf Jürgen 47228 Jäger- 30
Hockauf Sigrid 47269 Sandborn- 23
Hockel Andrea 47058 Bechem- 27
Hockel Horst 47119 Mann- 12
Hockenbrink Markus 47169 Dahl- 33
- Monika 47169 Dahl- 33
Hocker Werner 47055 Ahorn- 14
Hockmann Heinz
47178 Rudolf-Schönstedt- 9
Hocks Anna-Luise 47226 Gaudi- 41
- Annette
47259 Im Huckinger Kamp 65
- Brigitte 47057 Sternbuschweg 45a
- Christa 47249 Allgäuer- 102
- Christine 47055 Im Hort 16
- Emerentiana 47057 Lerchen- 22
- Gisela 47055 Im Hort 16
- Hans 47055 Erlen- 128
- Hans 47055 Im Hort 16
- Heinrich
47259 Im Huckinger Kamp 65
- Helena 47259 Möhlenkamp 20
- Helmut 47057 Sternbuschweg 45a
- Jasmina 47055 Erlen- 128
- Nicole 47055 Schleswiger- 13
- Nicole 47059 Schlenk- 16
- Soon 47055 Erlen- 128
- Udo 47249 Allgäuer- 102
- Walter 47198 Breslauer- 17
- Walter 47226 Eduard- 41
Hocky Angelika 47057 Nettelbeck- 33
- Hiltrud 47198 Im Grünen Winkel 49
- Joseph 47199 Sand- 140
- Karlheinz
47198 Im Grünen Winkel 49
- Marianne 47199 Sand- 140
- Michael 47198 Im Grünen Winkel 49
- Kurt 47057 Kammer- 187
Hoddick Anna 47058 Hecker- 54
- Friedrich 47057 Kammer- 216
- Ingo 47057 Kammer- 216
- Martha 47057 Kammer- 216
Hodeige Ida 47198 Kapell- 11
Hodej Meta
47169 Kaiser-Friedrich- 131
Hodel Gisela 47229 Friemersheimer- 7
Hoderlein Andre
47053 Im Bockshart 15
- Andrea 47239 Kirch- 13
- Freddy 47239 Kirch- 13
- Ingrid 47053 Im Bockshart 15
Hodes Andrea 47057 Alte Schanze 56
Hodic Anna 47137 Salm- 24a
- Eva 47137 Salm- 24a
Hodic-Splitt Dagmar 47137 Salm- 24a
Hodur Adolf
47167 Kaiser-Friedrich- 131
- Hildegard
47167 Kaiser-Friedrich- 124
Hodzic Adevija 47166 Schul- 22
- Ahmet 47167 Amsterdamer- 12
- Ajka 47166 Gottlieb- 36
- Asim 47167 Amsterdamer- 12
- Asim 47198 Otto- 26
- Asim 47166 Schul- 22
- Asmir 47137 Unter den Ulmen 134
- Atidza 47139 Bruckhauser- 48
Namen-Teil
Einwohner
A-DU	Firmen, Gewerbebetriebe usw. nach Namen – siehe gelber Teil
